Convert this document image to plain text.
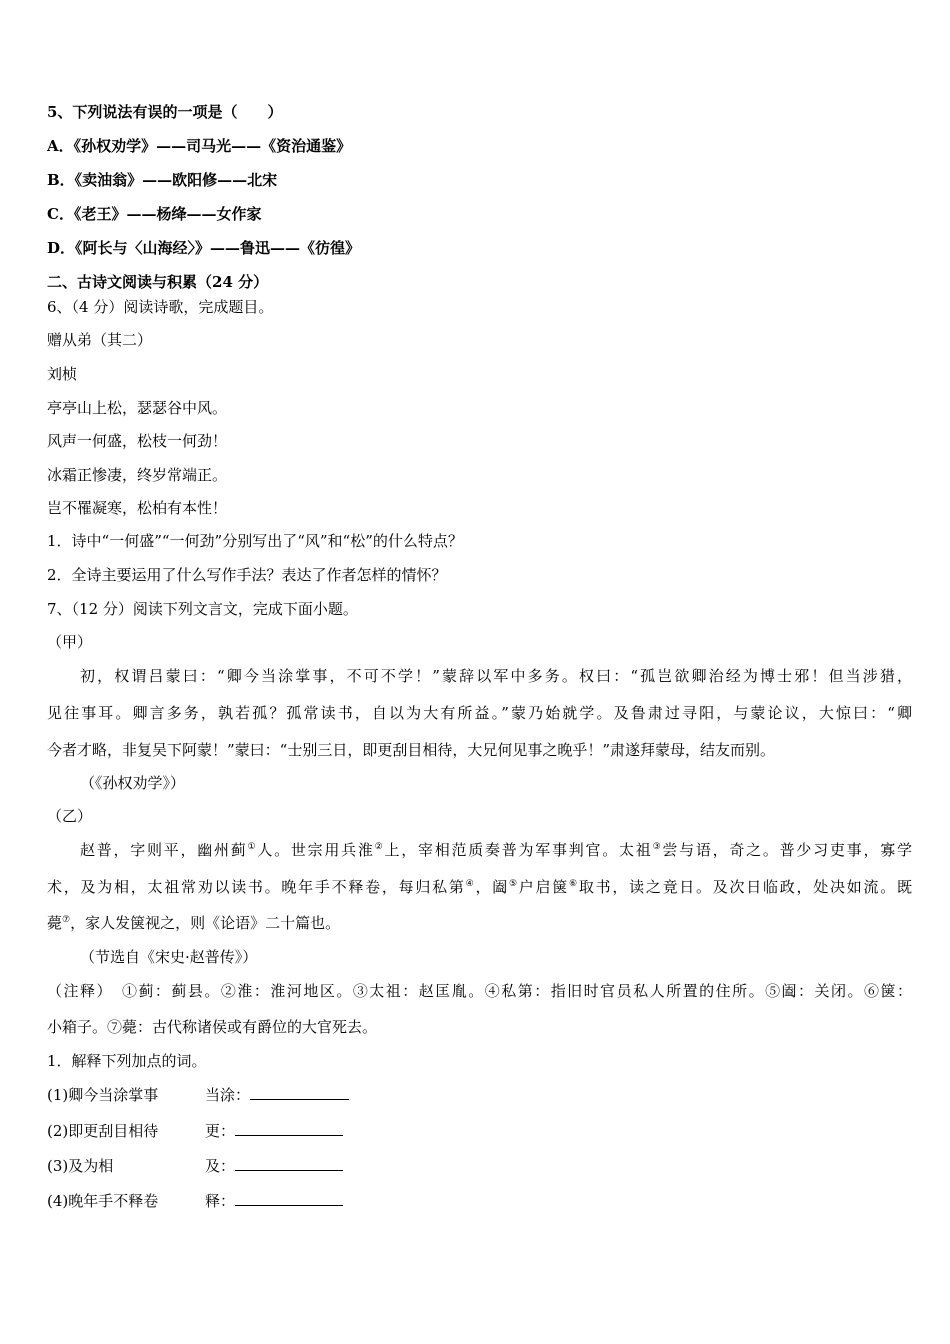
5、下列说法有误的一项是（　　）
A．《孙权劝学》——司马光——《资治通鉴》
B．《卖油翁》——欧阳修——北宋
C．《老王》——杨绛——女作家
D．《阿长与〈山海经〉》——鲁迅——《彷徨》
二、古诗文阅读与积累（24 分）
6、（4 分）阅读诗歌，完成题目。
赠从弟（其二）
刘桢
亭亭山上松，瑟瑟谷中风。
风声一何盛，松枝一何劲！
冰霜正惨凄，终岁常端正。
岂不罹凝寒，松柏有本性！
1．诗中“一何盛”“一何劲”分别写出了“风”和“松”的什么特点？
2．全诗主要运用了什么写作手法？表达了作者怎样的情怀？
7、（12 分）阅读下列文言文，完成下面小题。
（甲）
初，权谓吕蒙曰：“卿今当涂掌事，不可不学！”蒙辞以军中多务。权曰：“孤岂欲卿治经为博士邪！但当涉猎，
见往事耳。卿言多务，孰若孤？孤常读书，自以为大有所益。”蒙乃始就学。及鲁肃过寻阳，与蒙论议，大惊曰：“卿
今者才略，非复吴下阿蒙！”蒙曰：“士别三日，即更刮目相待，大兄何见事之晚乎！”肃遂拜蒙母，结友而别。
（《孙权劝学》）
（乙）
赵普，字则平，幽州蓟①人。世宗用兵淮②上，宰相范质奏普为军事判官。太祖③尝与语，奇之。普少习吏事，寡学
术，及为相，太祖常劝以读书。晚年手不释卷，每归私第④，阖⑤户启箧⑥取书，读之竟日。及次日临政，处决如流。既
薨⑦，家人发箧视之，则《论语》二十篇也。
（节选自《宋史·赵普传》）
（注释）　①蓟：蓟县。②淮：淮河地区。③太祖：赵匡胤。④私第：指旧时官员私人所置的住所。⑤阖：关闭。⑥箧：
小箱子。⑦薨：古代称诸侯或有爵位的大官死去。
1．解释下列加点的词。
(1)卿今当涂掌事	当涂：
(2)即更刮目相待	更：
(3)及为相	及：
(4)晚年手不释卷	释：
